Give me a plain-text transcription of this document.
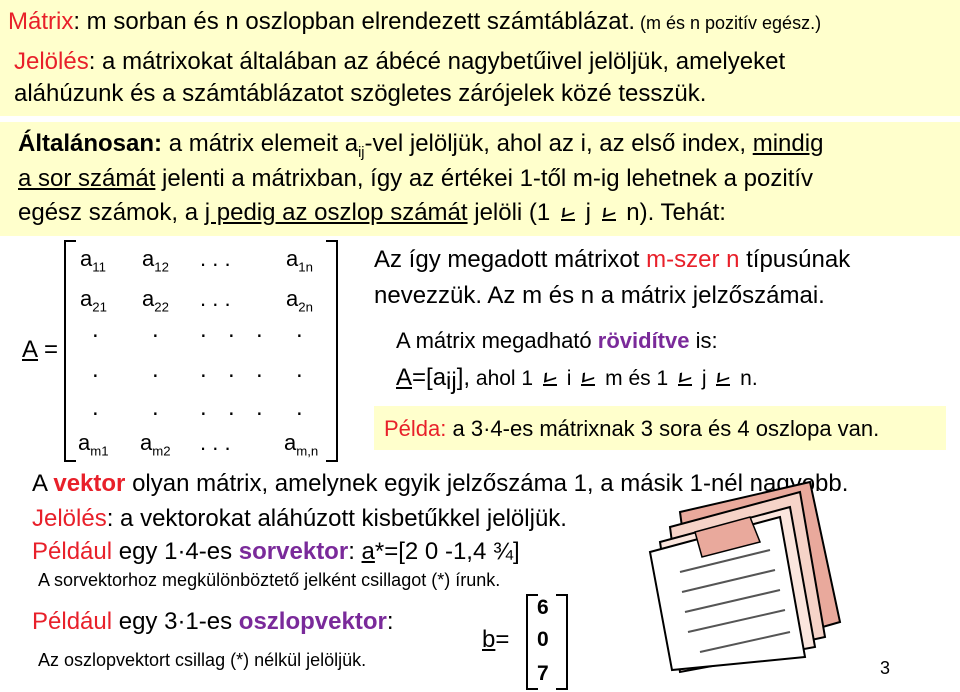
Mátrix: m sorban és n oszlopban elrendezett számtáblázat. (m és n pozitív egész.)
Jelölés: a mátrixokat általában az ábécé nagybetűivel jelöljük, amelyeket
aláhúzunk és a számtáblázatot szögletes zárójelek közé tesszük.
Általánosan: a mátrix elemeit $a_{ij}$-vel jelöljük, ahol az i, az első index, mindig
a sor számát jelenti a mátrixban, így az értékei 1-től m-ig lehetnek a pozitív
egész számok, a j pedig az oszlop számát jelöli (1  j  n). Tehát:
A =
$a_{11}$ $a_{12}$ . . .	$a_{1n}$
$a_{21}$ $a_{22}$ . . .	$a_{2n}$
. . . . . .
. . . . . .
. . . . . .
$a_{m1}$ $a_{m2}$ . . . $a_{m,n}$
Az így megadott mátrixot m-szer n típusúnak
nevezzük. Az m és n a mátrix jelzőszámai.
A mátrix megadható rövidítve is:
$A=[a_{ij}]$, ahol 1  i  m és 1  j  n.
Példa: a 3·4-es mátrixnak 3 sora és 4 oszlopa van.
A vektor olyan mátrix, amelynek egyik jelzőszáma 1, a másik 1-nél nagyobb.
Jelölés: a vektorokat aláhúzott kisbetűkkel jelöljük.
Például egy 1·4-es sorvektor: a*=[2 0 -1,4 ¾]
A sorvektorhoz megkülönböztető jelként csillagot (*) írunk.
Például egy 3·1-es oszlopvektor:
Az oszlopvektort csillag (*) nélkül jelöljük.
b=
6
0
7	3
